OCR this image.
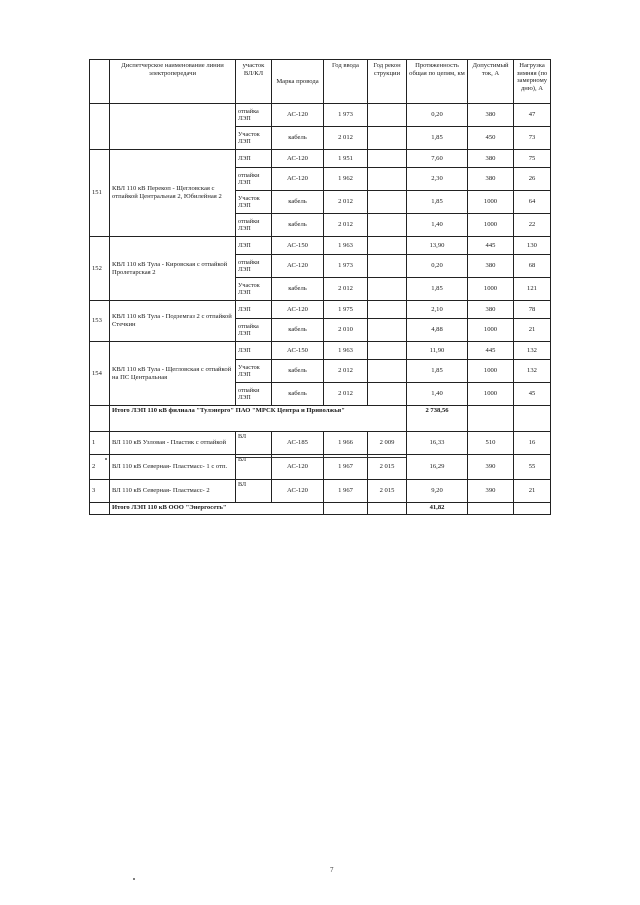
	Диспетчерское наименование линии электропередачи	участок ВЛ/КЛ	Марка провода	Год ввода	Год рекон струкции	Протяженность общая по цепям, км	Допустимый ток, А	Нагрузка зимняя (по замерному дню), А
		отпайка ЛЭП	АС-120	1 973		0,20	380	47
		Участок ЛЭП	кабель	2 012		1,85	450	73
151	КВЛ 110 кВ Перекоп - Щегловская с отпайкой Центральная 2, Юбилейная 2	ЛЭП	АС-120	1 951		7,60	380	75
		отпайки ЛЭП	АС-120	1 962		2,30	380	26
		Участок ЛЭП	кабель	2 012		1,85	1000	64
		отпайки ЛЭП	кабель	2 012		1,40	1000	22
152	КВЛ 110 кВ Тула - Кировская с отпайкой Пролетарская 2	ЛЭП	АС-150	1 963		13,90	445	130
		отпайки ЛЭП	АС-120	1 973		0,20	380	68
		Участок ЛЭП	кабель	2 012		1,85	1000	121
153	КВЛ 110 кВ Тула - Подземгаз 2 с отпайкой Стечкин	ЛЭП	АС-120	1 975		2,10	380	78
		отпайка ЛЭП	кабель	2 010		4,88	1000	21
154	КВЛ 110 кВ Тула - Щегловская с отпайкой на ПС Центральная	ЛЭП	АС-150	1 963		11,90	445	132
		Участок ЛЭП	кабель	2 012		1,85	1000	132
		отпайки ЛЭП	кабель	2 012		1,40	1000	45
	Итого ЛЭП 110 кВ филиала "Тулэнерго" ПАО "МРСК Центра и Приволжья"					2 738,56		
1	ВЛ 110 кВ Узловая - Пластик с отпайкой	ВЛ	АС-185	1 966	2 009	16,33	510	16
2	ВЛ 110 кВ Северная- Пластмасс- 1 с отп.	ВЛ	АС-120	1 967	2 015	16,29	390	55
3	ВЛ 110 кВ Северная- Пластмасс- 2	ВЛ	АС-120	1 967	2 015	9,20	390	21
	Итого ЛЭП 110 кВ ООО "Энергосеть"					41,82		
7
